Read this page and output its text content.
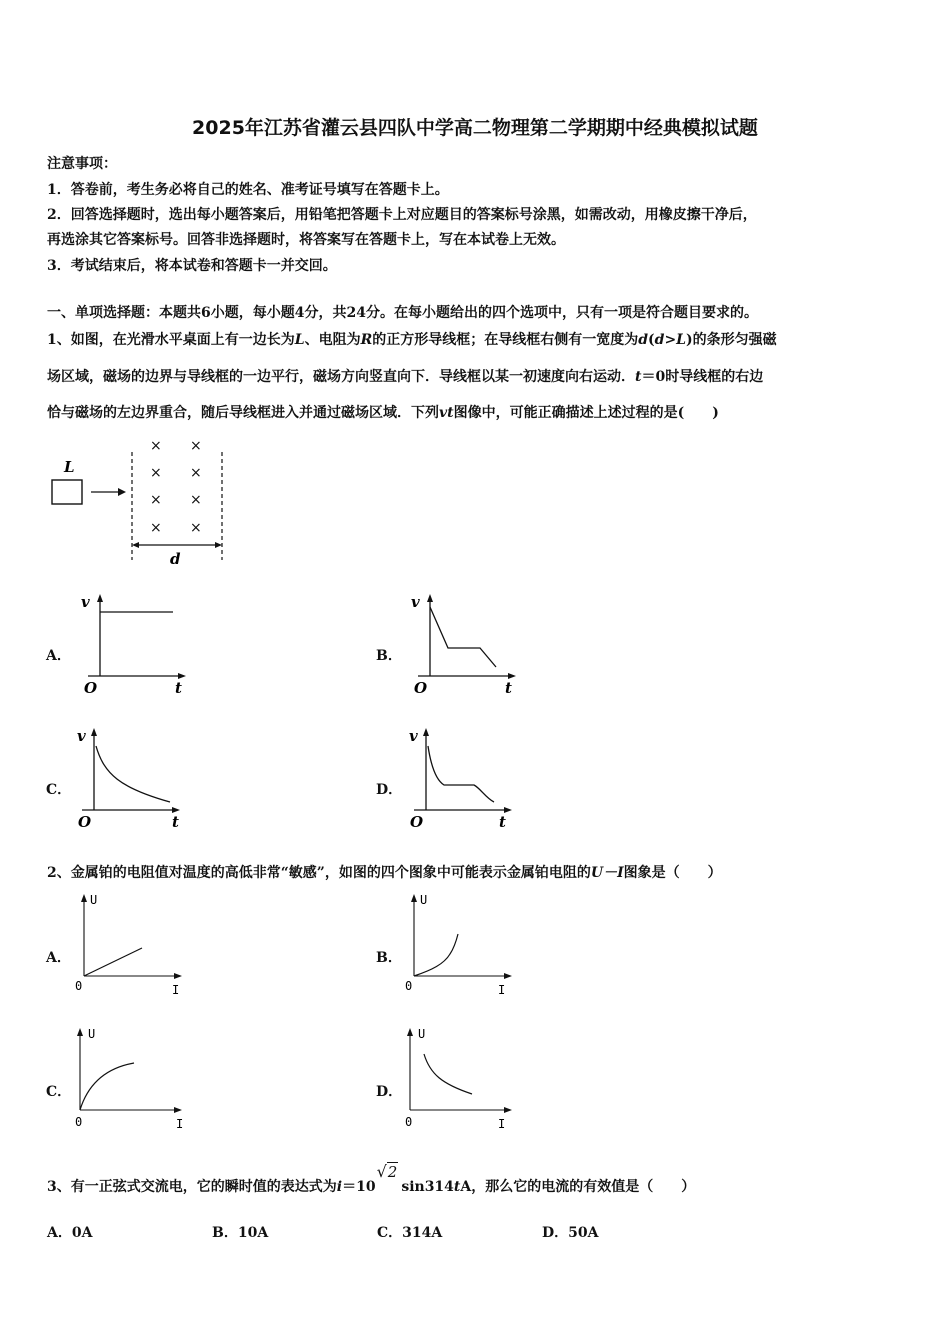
2025年江苏省灌云县四队中学高二物理第二学期期中经典模拟试题
注意事项：
1．答卷前，考生务必将自己的姓名、准考证号填写在答题卡上。
2．回答选择题时，选出每小题答案后，用铅笔把答题卡上对应题目的答案标号涂黑，如需改动，用橡皮擦干净后，
再选涂其它答案标号。回答非选择题时，将答案写在答题卡上，写在本试卷上无效。
3．考试结束后，将本试卷和答题卡一并交回。
一、单项选择题：本题共6小题，每小题4分，共24分。在每小题给出的四个选项中，只有一项是符合题目要求的。
1、如图，在光滑水平桌面上有一边长为L、电阻为R的正方形导线框；在导线框右侧有一宽度为d(d>L)的条形匀强磁
场区域，磁场的边界与导线框的一边平行，磁场方向竖直向下．导线框以某一初速度向右运动．t＝0时导线框的右边
恰与磁场的左边界重合，随后导线框进入并通过磁场区域．下列vt图像中，可能正确描述上述过程的是(　　)
L
× ×
× ×
× ×
× ×
d
A．	B．
C．	D．
v
t
O
v
t
O
v
t
O
v
t
O
2、金属铂的电阻值对温度的高低非常“敏感”，如图的四个图象中可能表示金属铂电阻的U－I图象是（　　）
A．	B．
C．	D．
U
I
0
U
I
0
U
I
0
U
I
0
3、有一正弦式交流电，它的瞬时值的表达式为i＝10√2sin314tA，那么它的电流的有效值是（　　）
A．0A	B．10A	C．314A	D．50A
